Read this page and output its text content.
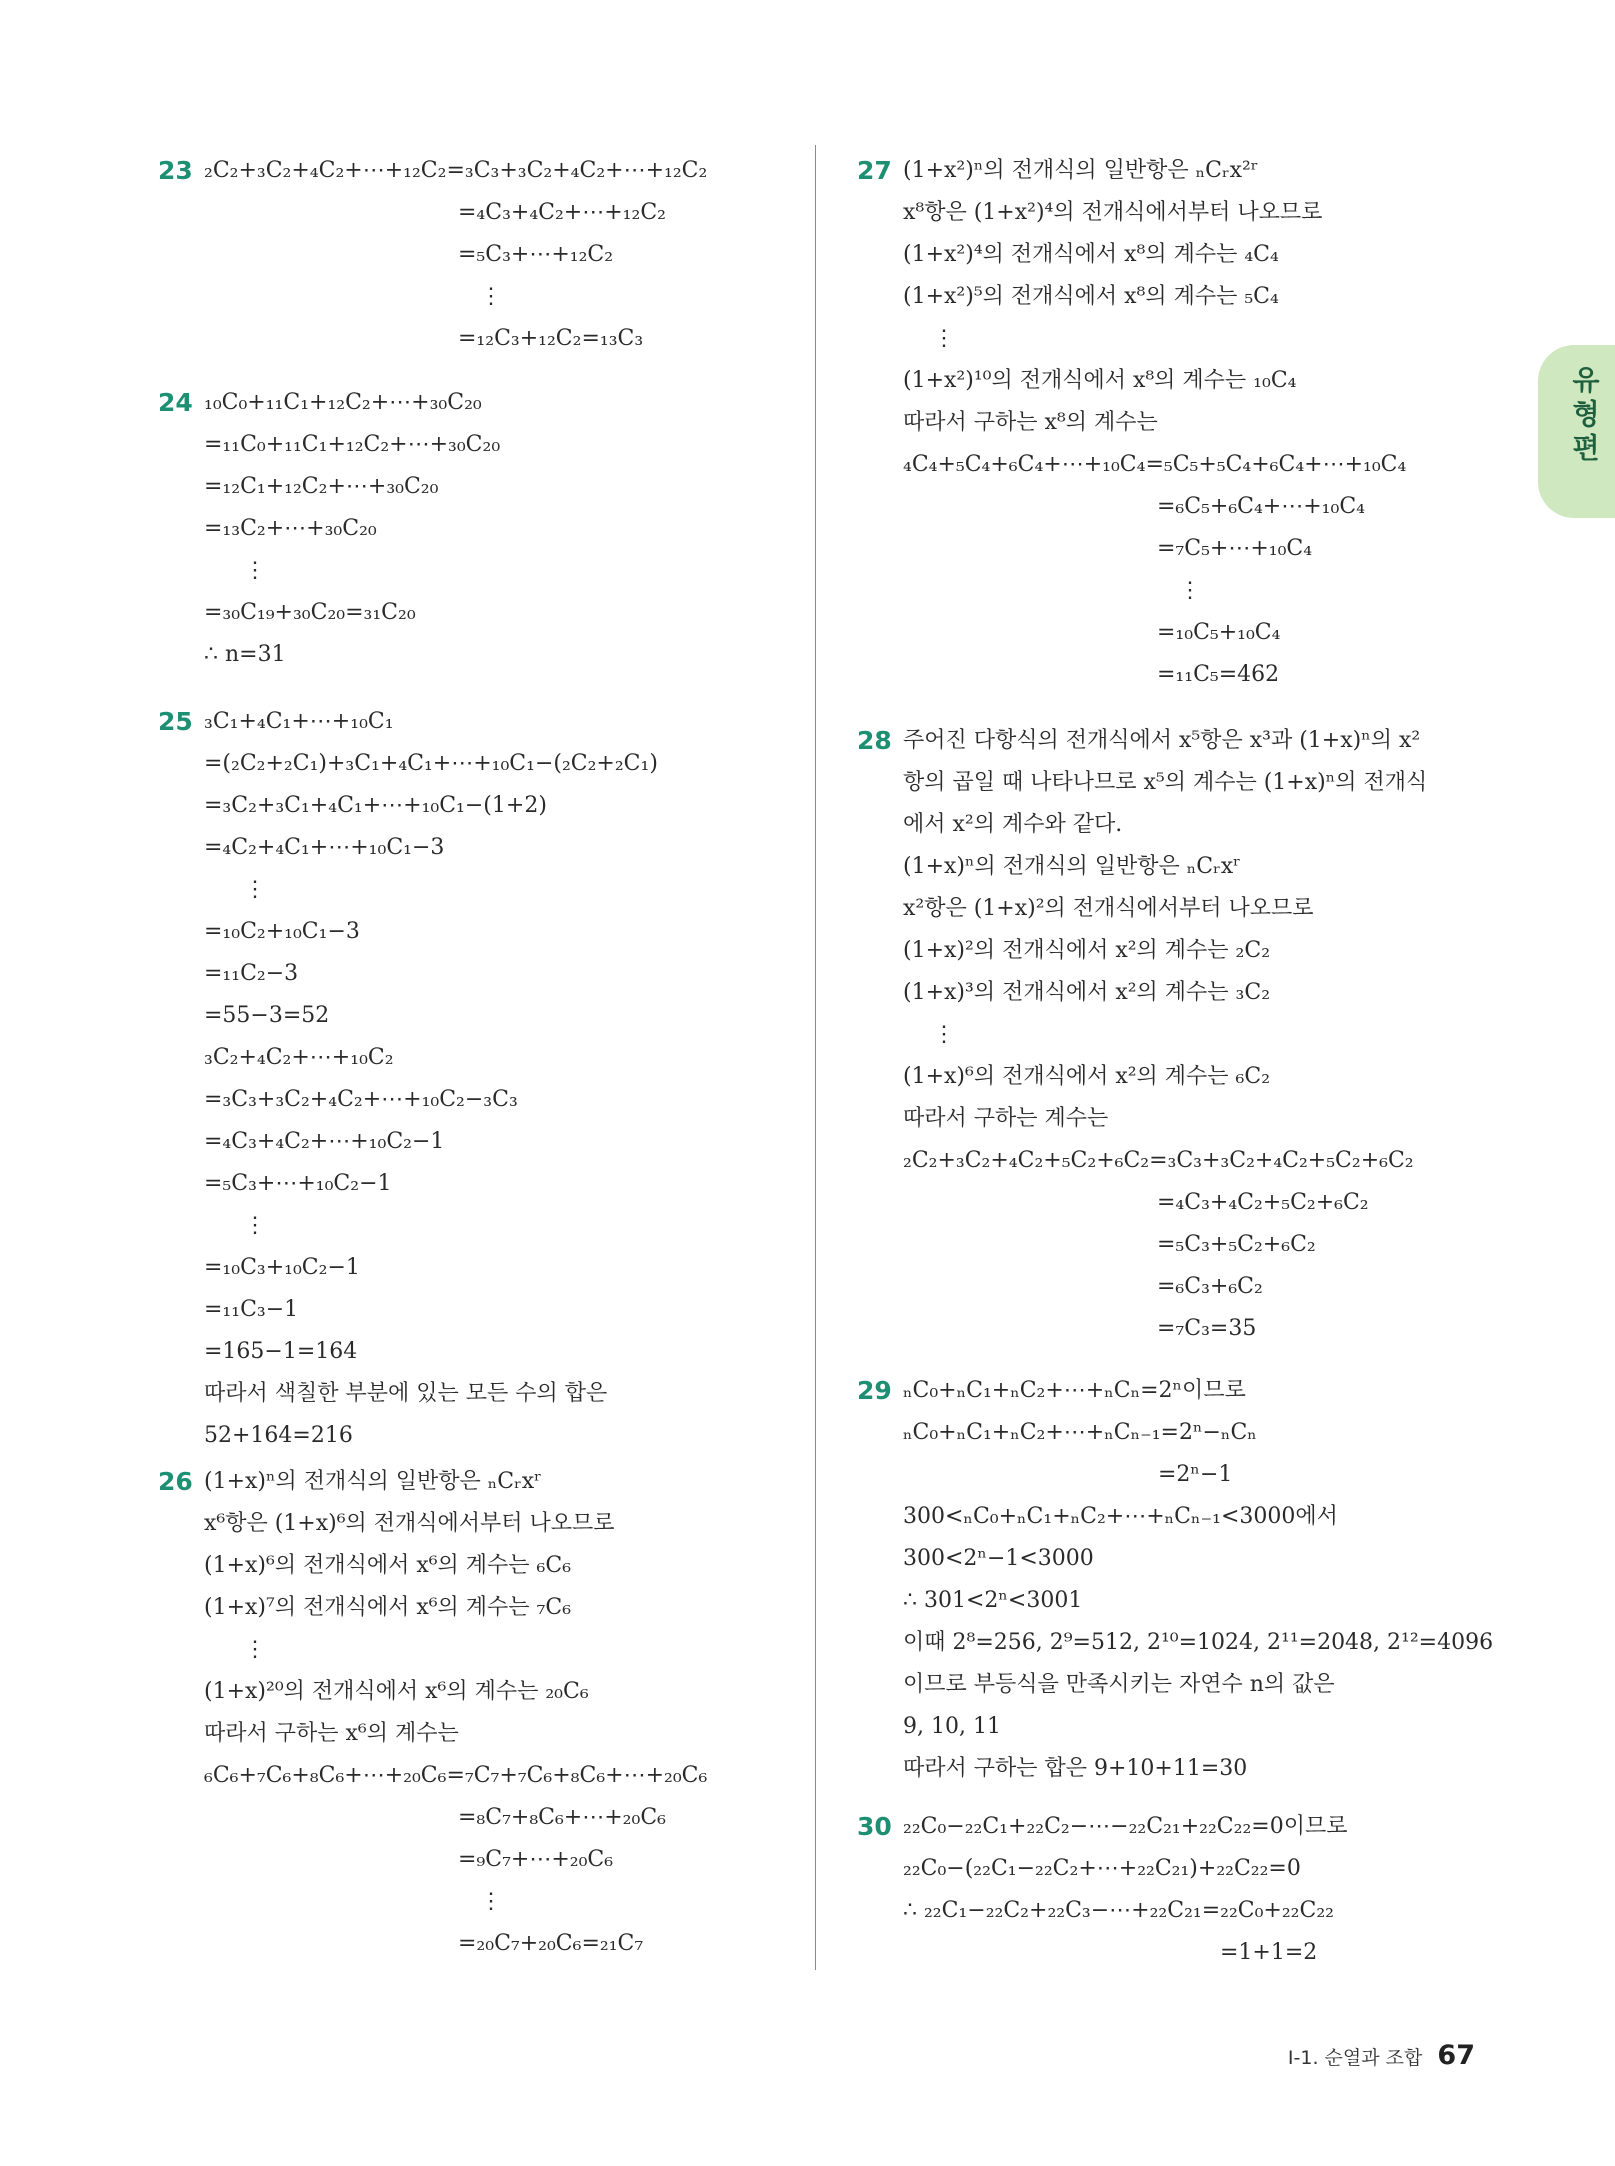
23 ₂C₂+₃C₂+₄C₂+⋯+₁₂C₂=₃C₃+₃C₂+₄C₂+⋯+₁₂C₂
=₄C₃+₄C₂+⋯+₁₂C₂
=₅C₃+⋯+₁₂C₂
⋮
=₁₂C₃+₁₂C₂=₁₃C₃
24 ₁₀C₀+₁₁C₁+₁₂C₂+⋯+₃₀C₂₀
=₁₁C₀+₁₁C₁+₁₂C₂+⋯+₃₀C₂₀
=₁₂C₁+₁₂C₂+⋯+₃₀C₂₀
=₁₃C₂+⋯+₃₀C₂₀
⋮
=₃₀C₁₉+₃₀C₂₀=₃₁C₂₀
∴ n=31
25 ₃C₁+₄C₁+⋯+₁₀C₁
=(₂C₂+₂C₁)+₃C₁+₄C₁+⋯+₁₀C₁−(₂C₂+₂C₁)
=₃C₂+₃C₁+₄C₁+⋯+₁₀C₁−(1+2)
=₄C₂+₄C₁+⋯+₁₀C₁−3
⋮
=₁₀C₂+₁₀C₁−3
=₁₁C₂−3
=55−3=52
₃C₂+₄C₂+⋯+₁₀C₂
=₃C₃+₃C₂+₄C₂+⋯+₁₀C₂−₃C₃
=₄C₃+₄C₂+⋯+₁₀C₂−1
=₅C₃+⋯+₁₀C₂−1
⋮
=₁₀C₃+₁₀C₂−1
=₁₁C₃−1
=165−1=164
따라서 색칠한 부분에 있는 모든 수의 합은
52+164=216
26 (1+x)ⁿ의 전개식의 일반항은 ₙCᵣxʳ
x⁶항은 (1+x)⁶의 전개식에서부터 나오므로
(1+x)⁶의 전개식에서 x⁶의 계수는 ₆C₆
(1+x)⁷의 전개식에서 x⁶의 계수는 ₇C₆
⋮
(1+x)²⁰의 전개식에서 x⁶의 계수는 ₂₀C₆
따라서 구하는 x⁶의 계수는
₆C₆+₇C₆+₈C₆+⋯+₂₀C₆=₇C₇+₇C₆+₈C₆+⋯+₂₀C₆
=₈C₇+₈C₆+⋯+₂₀C₆
=₉C₇+⋯+₂₀C₆
⋮
=₂₀C₇+₂₀C₆=₂₁C₇
27 (1+x²)ⁿ의 전개식의 일반항은 ₙCᵣx²ʳ
x⁸항은 (1+x²)⁴의 전개식에서부터 나오므로
(1+x²)⁴의 전개식에서 x⁸의 계수는 ₄C₄
(1+x²)⁵의 전개식에서 x⁸의 계수는 ₅C₄
⋮
(1+x²)¹⁰의 전개식에서 x⁸의 계수는 ₁₀C₄
따라서 구하는 x⁸의 계수는
₄C₄+₅C₄+₆C₄+⋯+₁₀C₄=₅C₅+₅C₄+₆C₄+⋯+₁₀C₄
=₆C₅+₆C₄+⋯+₁₀C₄
=₇C₅+⋯+₁₀C₄
⋮
=₁₀C₅+₁₀C₄
=₁₁C₅=462
28 주어진 다항식의 전개식에서 x⁵항은 x³과 (1+x)ⁿ의 x²
항의 곱일 때 나타나므로 x⁵의 계수는 (1+x)ⁿ의 전개식
에서 x²의 계수와 같다.
(1+x)ⁿ의 전개식의 일반항은 ₙCᵣxʳ
x²항은 (1+x)²의 전개식에서부터 나오므로
(1+x)²의 전개식에서 x²의 계수는 ₂C₂
(1+x)³의 전개식에서 x²의 계수는 ₃C₂
⋮
(1+x)⁶의 전개식에서 x²의 계수는 ₆C₂
따라서 구하는 계수는
₂C₂+₃C₂+₄C₂+₅C₂+₆C₂=₃C₃+₃C₂+₄C₂+₅C₂+₆C₂
=₄C₃+₄C₂+₅C₂+₆C₂
=₅C₃+₅C₂+₆C₂
=₆C₃+₆C₂
=₇C₃=35
29 ₙC₀+ₙC₁+ₙC₂+⋯+ₙCₙ=2ⁿ이므로
ₙC₀+ₙC₁+ₙC₂+⋯+ₙCₙ₋₁=2ⁿ−ₙCₙ
=2ⁿ−1
300<ₙC₀+ₙC₁+ₙC₂+⋯+ₙCₙ₋₁<3000에서
300<2ⁿ−1<3000
∴ 301<2ⁿ<3001
이때 2⁸=256, 2⁹=512, 2¹⁰=1024, 2¹¹=2048, 2¹²=4096
이므로 부등식을 만족시키는 자연수 n의 값은
9, 10, 11
따라서 구하는 합은 9+10+11=30
30 ₂₂C₀−₂₂C₁+₂₂C₂−⋯−₂₂C₂₁+₂₂C₂₂=0이므로
₂₂C₀−(₂₂C₁−₂₂C₂+⋯+₂₂C₂₁)+₂₂C₂₂=0
∴ ₂₂C₁−₂₂C₂+₂₂C₃−⋯+₂₂C₂₁=₂₂C₀+₂₂C₂₂
=1+1=2
유형편
Ⅰ-1. 순열과 조합 67
